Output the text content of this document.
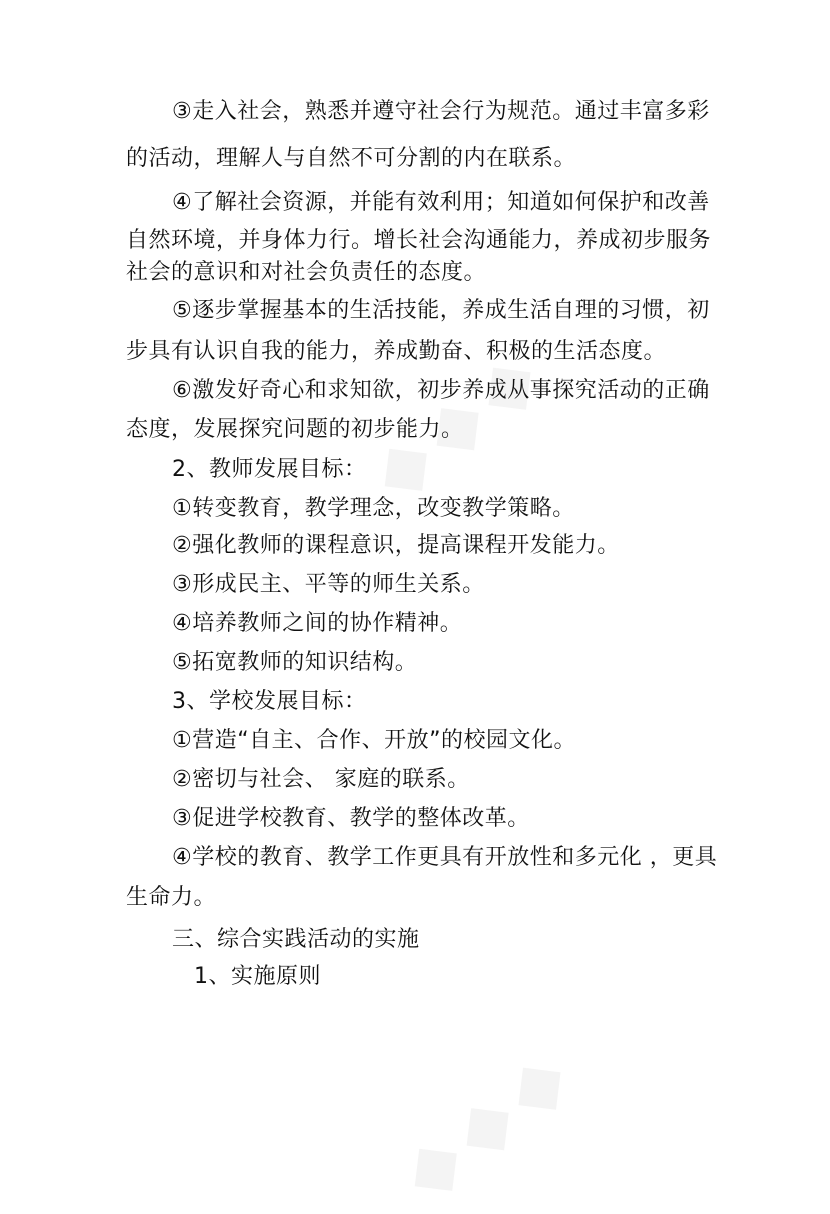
③走入社会，熟悉并遵守社会行为规范。通过丰富多彩
的活动，理解人与自然不可分割的内在联系。
④了解社会资源，并能有效利用；知道如何保护和改善
自然环境，并身体力行。增长社会沟通能力，养成初步服务
社会的意识和对社会负责任的态度。
⑤逐步掌握基本的生活技能，养成生活自理的习惯，初
步具有认识自我的能力，养成勤奋、积极的生活态度。
⑥激发好奇心和求知欲，初步养成从事探究活动的正确
态度，发展探究问题的初步能力。
2、教师发展目标：
①转变教育，教学理念，改变教学策略。
②强化教师的课程意识，提高课程开发能力。
③形成民主、平等的师生关系。
④培养教师之间的协作精神。
⑤拓宽教师的知识结构。
3、学校发展目标：
①营造“自主、合作、开放”的校园文化。
②密切与社会、 家庭的联系。
③促进学校教育、教学的整体改革。
④学校的教育、教学工作更具有开放性和多元化 ，更具
生命力。
三、综合实践活动的实施
1、实施原则
